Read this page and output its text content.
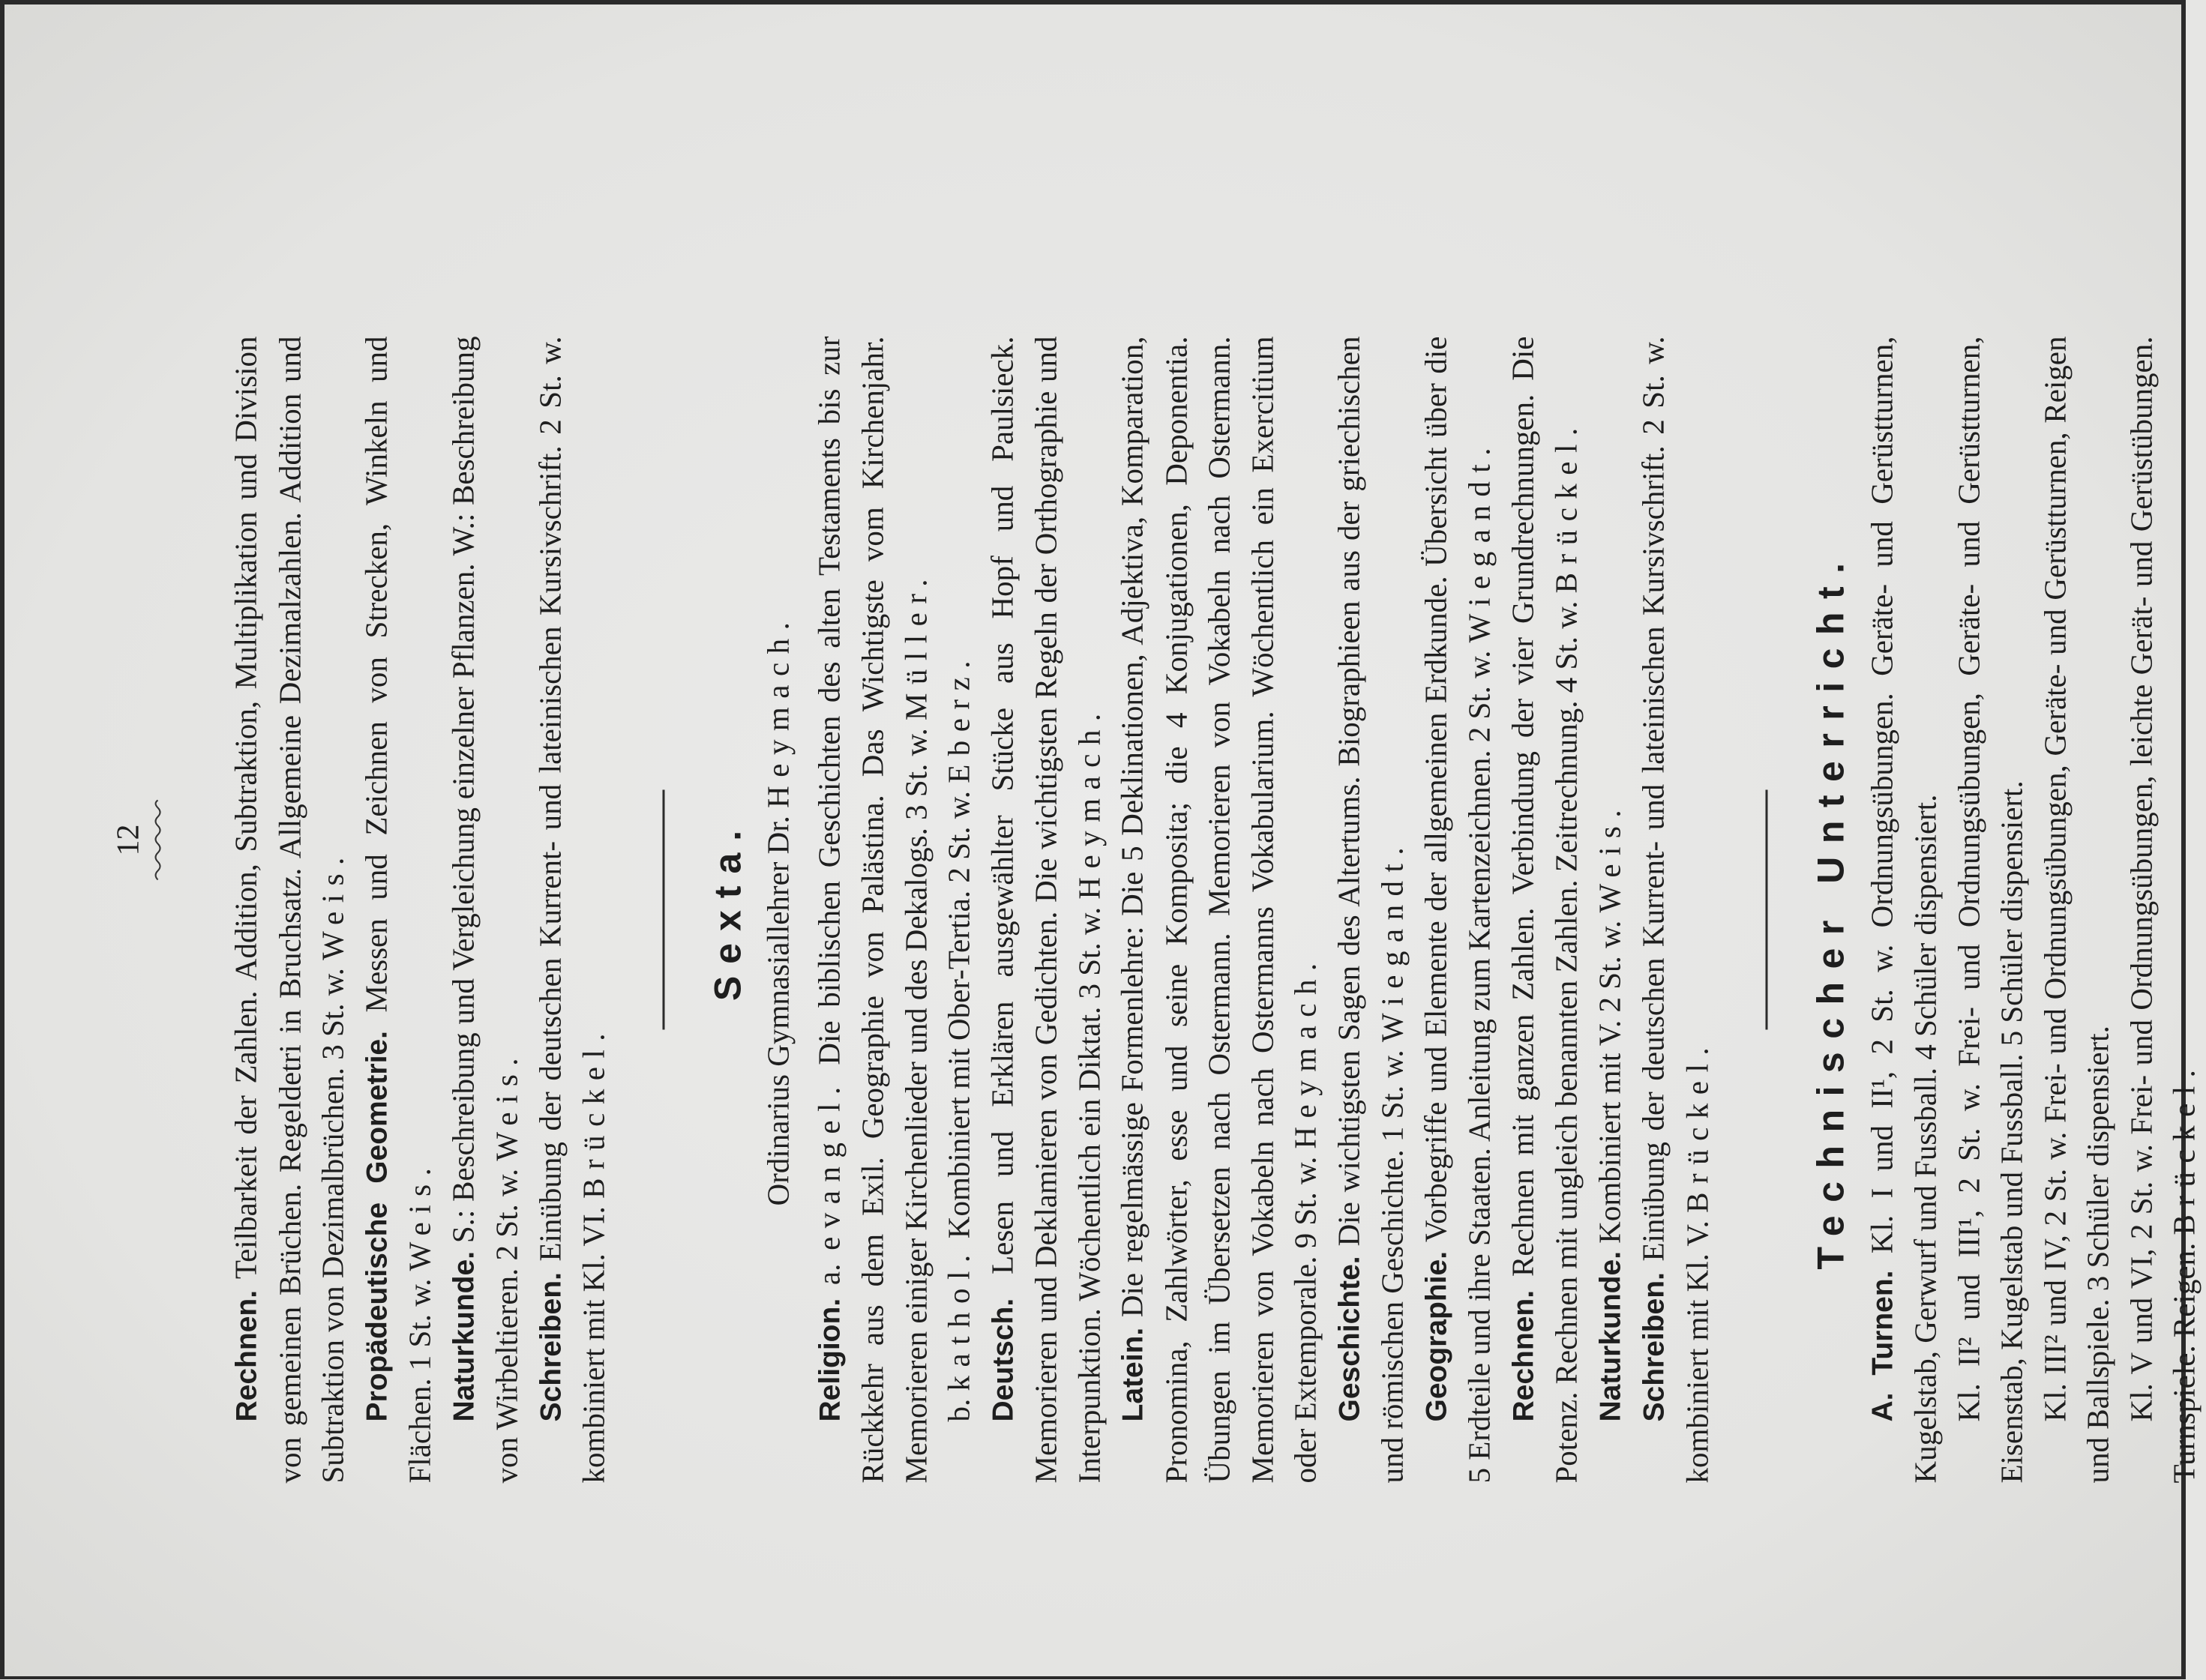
12

Rechnen. Teilbarkeit der Zahlen. Addition, Subtraktion, Multiplikation und Division von gemeinen Brüchen. Regeldetri in Bruchsatz. Allgemeine Dezimalzahlen. Addition und Subtraktion von Dezimalbrüchen. 3 St. w. Weis.

Propädeutische Geometrie. Messen und Zeichnen von Strecken, Winkeln und Flächen. 1 St. w. Weis.

Naturkunde. S.: Beschreibung und Vergleichung einzelner Pflanzen. W.: Beschreibung von Wirbeltieren. 2 St. w. Weis.

Schreiben. Einübung der deutschen Kurrent- und lateinischen Kursivschrift. 2 St. w. kombiniert mit Kl. VI. Brückel.

Sexta. Ordinarius Gymnasiallehrer Dr. Heymach.

Religion. a. evangel. Die biblischen Geschichten des alten Testaments bis zur Rückkehr aus dem Exil. Geographie von Palästina. Das Wichtigste vom Kirchenjahr. Memorieren einiger Kirchenlieder und des Dekalogs. 3 St. w. Müller.

b. kathol. Kombiniert mit Ober-Tertia. 2 St. w. Eberz.

Deutsch. Lesen und Erklären ausgewählter Stücke aus Hopf und Paulsieck. Memorieren und Deklamieren von Gedichten. Die wichtigsten Regeln der Orthographie und Interpunktion. Wöchentlich ein Diktat. 3 St. w. Heymach.

Latein. Die regelmässige Formenlehre: Die 5 Deklinationen, Adjektiva, Komparation, Pronomina, Zahlwörter, esse und seine Komposita; die 4 Konjugationen, Deponentia. Übungen im Übersetzen nach Ostermann. Memorieren von Vokabeln nach Ostermann. Memorieren von Vokabeln nach Ostermanns Vokabularium. Wöchentlich ein Exercitium oder Extemporale. 9 St. w. Heymach.

Geschichte. Die wichtigsten Sagen des Altertums. Biographieen aus der griechischen und römischen Geschichte. 1 St. w. Wiegandt.

Geographie. Vorbegriffe und Elemente der allgemeinen Erdkunde. Übersicht über die 5 Erdteile und ihre Staaten. Anleitung zum Kartenzeichnen. 2 St. w. Wiegandt.

Rechnen. Rechnen mit ganzen Zahlen. Verbindung der vier Grundrechnungen. Die Potenz. Rechnen mit ungleich benannten Zahlen. Zeitrechnung. 4 St. w. Brückel.

Naturkunde. Kombiniert mit V. 2 St. w. Weis.

Schreiben. Einübung der deutschen Kurrent- und lateinischen Kursivschrift. 2 St. w. kombiniert mit Kl. V. Brückel.	Technischer Unterricht.

A. Turnen. Kl. I und II¹, 2 St. w. Ordnungsübungen. Geräte- und Gerüstturnen, Kugelstab, Gerwurf und Fussball. 4 Schüler dispensiert. Kl. II² und III¹, 2 St. w. Frei- und Ordnungsübungen, Geräte- und Gerüstturnen, Eisenstab, Kugelstab und Fussball. 5 Schüler dispensiert. Kl. III² und IV, 2 St. w. Frei- und Ordnungsübungen, Geräte- und Gerüstturnen, Reigen und Ballspiele. 3 Schüler dispensiert. Kl. V und VI, 2 St. w. Frei- und Ordnungsübungen, leichte Gerät- und Gerüstübungen. Turnspiele. Reigen. Brückel.
